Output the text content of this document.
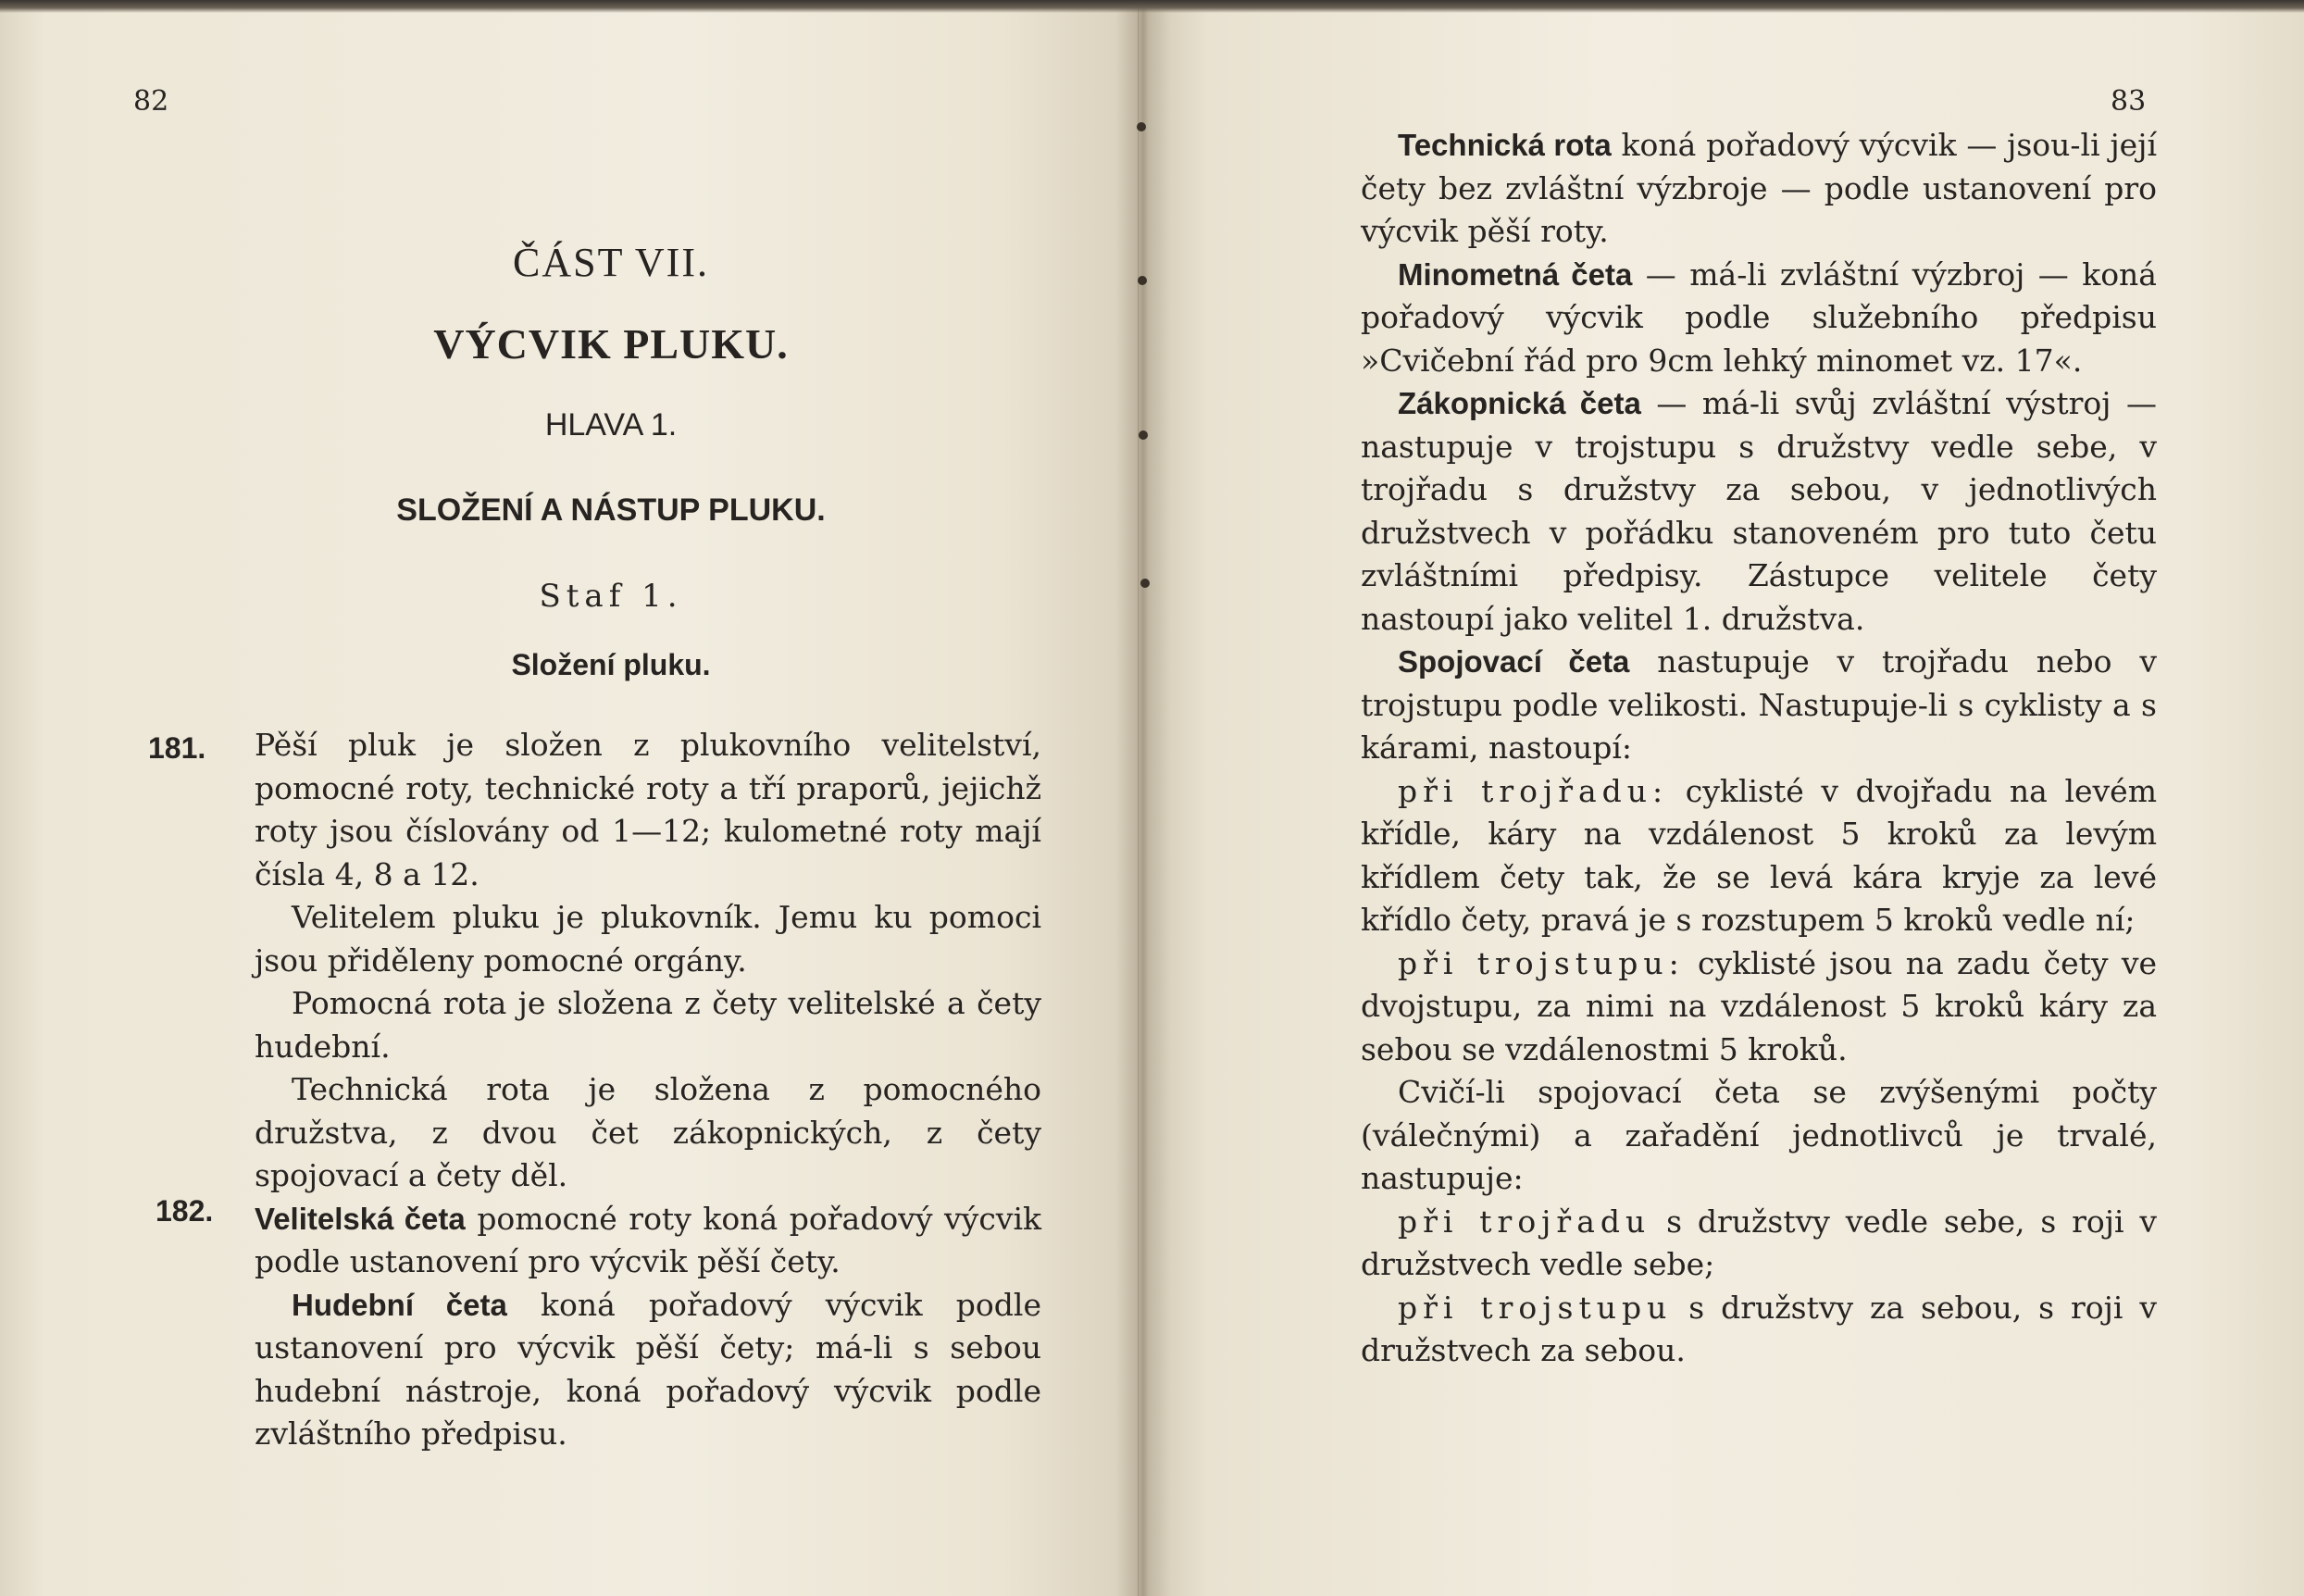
82
ČÁST VII.
VÝCVIK PLUKU.
HLAVA 1.
SLOŽENÍ A NÁSTUP PLUKU.
Staf 1.
Složení pluku.
181.
182.

Pěší pluk je složen z plukovního velitelství, pomocné roty, technické roty a tří praporů, jejichž roty jsou číslovány od 1—12; kulometné roty mají čísla 4, 8 a 12.

Velitelem pluku je plukovník. Jemu ku pomoci jsou přiděleny pomocné orgány.

Pomocná rota je složena z čety velitelské a čety hudební.

Technická rota je složena z pomocného družstva, z dvou čet zákopnických, z čety spojovací a čety děl.

Velitelská četa pomocné roty koná pořadový výcvik podle ustanovení pro výcvik pěší čety.

Hudební četa koná pořadový výcvik podle ustanovení pro výcvik pěší čety; má-li s sebou hudební nástroje, koná pořadový výcvik podle zvláštního předpisu.

83

Technická rota koná pořadový výcvik — jsou-li její čety bez zvláštní výzbroje — podle ustanovení pro výcvik pěší roty.

Minometná četa — má-li zvláštní výzbroj — koná pořadový výcvik podle služebního předpisu »Cvičební řád pro 9cm lehký minomet vz. 17«.

Zákopnická četa — má-li svůj zvláštní výstroj — nastupuje v trojstupu s družstvy vedle sebe, v trojřadu s družstvy za sebou, v jednotlivých družstvech v pořádku stanoveném pro tuto četu zvláštními předpisy. Zástupce velitele čety nastoupí jako velitel 1. družstva.

Spojovací četa nastupuje v trojřadu nebo v trojstupu podle velikosti. Nastupuje-li s cyklisty a s kárami, nastoupí:

při trojřadu: cyklisté v dvojřadu na levém křídle, káry na vzdálenost 5 kroků za levým křídlem čety tak, že se levá kára kryje za levé křídlo čety, pravá je s rozstupem 5 kroků vedle ní;

při trojstupu: cyklisté jsou na zadu čety ve dvojstupu, za nimi na vzdálenost 5 kroků káry za sebou se vzdálenostmi 5 kroků.

Cvičí-li spojovací četa se zvýšenými počty (válečnými) a zařadění jednotlivců je trvalé, nastupuje:

při trojřadu s družstvy vedle sebe, s roji v družstvech vedle sebe;

při trojstupu s družstvy za sebou, s roji v družstvech za sebou.
